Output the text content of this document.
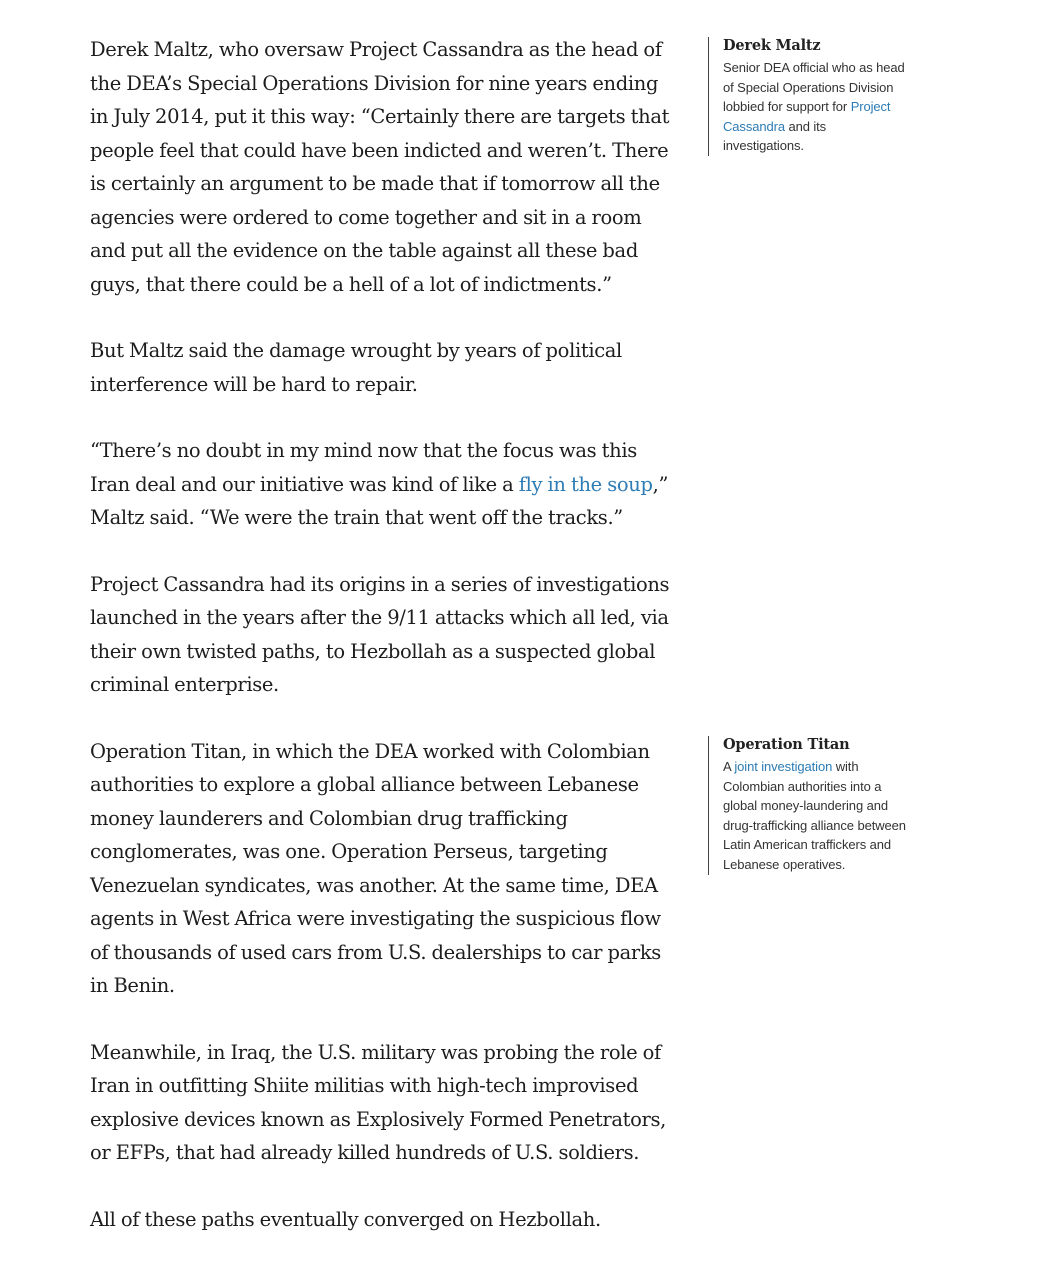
Derek Maltz, who oversaw Project Cassandra as the head of the DEA’s Special Operations Division for nine years ending in July 2014, put it this way: “Certainly there are targets that people feel that could have been indicted and weren’t. There is certainly an argument to be made that if tomorrow all the agencies were ordered to come together and sit in a room and put all the evidence on the table against all these bad guys, that there could be a hell of a lot of indictments.”

But Maltz said the damage wrought by years of political interference will be hard to repair.

“There’s no doubt in my mind now that the focus was this Iran deal and our initiative was kind of like a fly in the soup,” Maltz said. “We were the train that went off the tracks.”

Project Cassandra had its origins in a series of investigations launched in the years after the 9/11 attacks which all led, via their own twisted paths, to Hezbollah as a suspected global criminal enterprise.

Operation Titan, in which the DEA worked with Colombian authorities to explore a global alliance between Lebanese money launderers and Colombian drug trafficking conglomerates, was one. Operation Perseus, targeting Venezuelan syndicates, was another. At the same time, DEA agents in West Africa were investigating the suspicious flow of thousands of used cars from U.S. dealerships to car parks in Benin.

Meanwhile, in Iraq, the U.S. military was probing the role of Iran in outfitting Shiite militias with high-tech improvised explosive devices known as Explosively Formed Penetrators, or EFPs, that had already killed hundreds of U.S. soldiers.

All of these paths eventually converged on Hezbollah.

Derek Maltz
Senior DEA official who as head of Special Operations Division lobbied for support for Project Cassandra and its investigations.
Operation Titan
A joint investigation with Colombian authorities into a global money-laundering and drug-trafficking alliance between Latin American traffickers and Lebanese operatives.
